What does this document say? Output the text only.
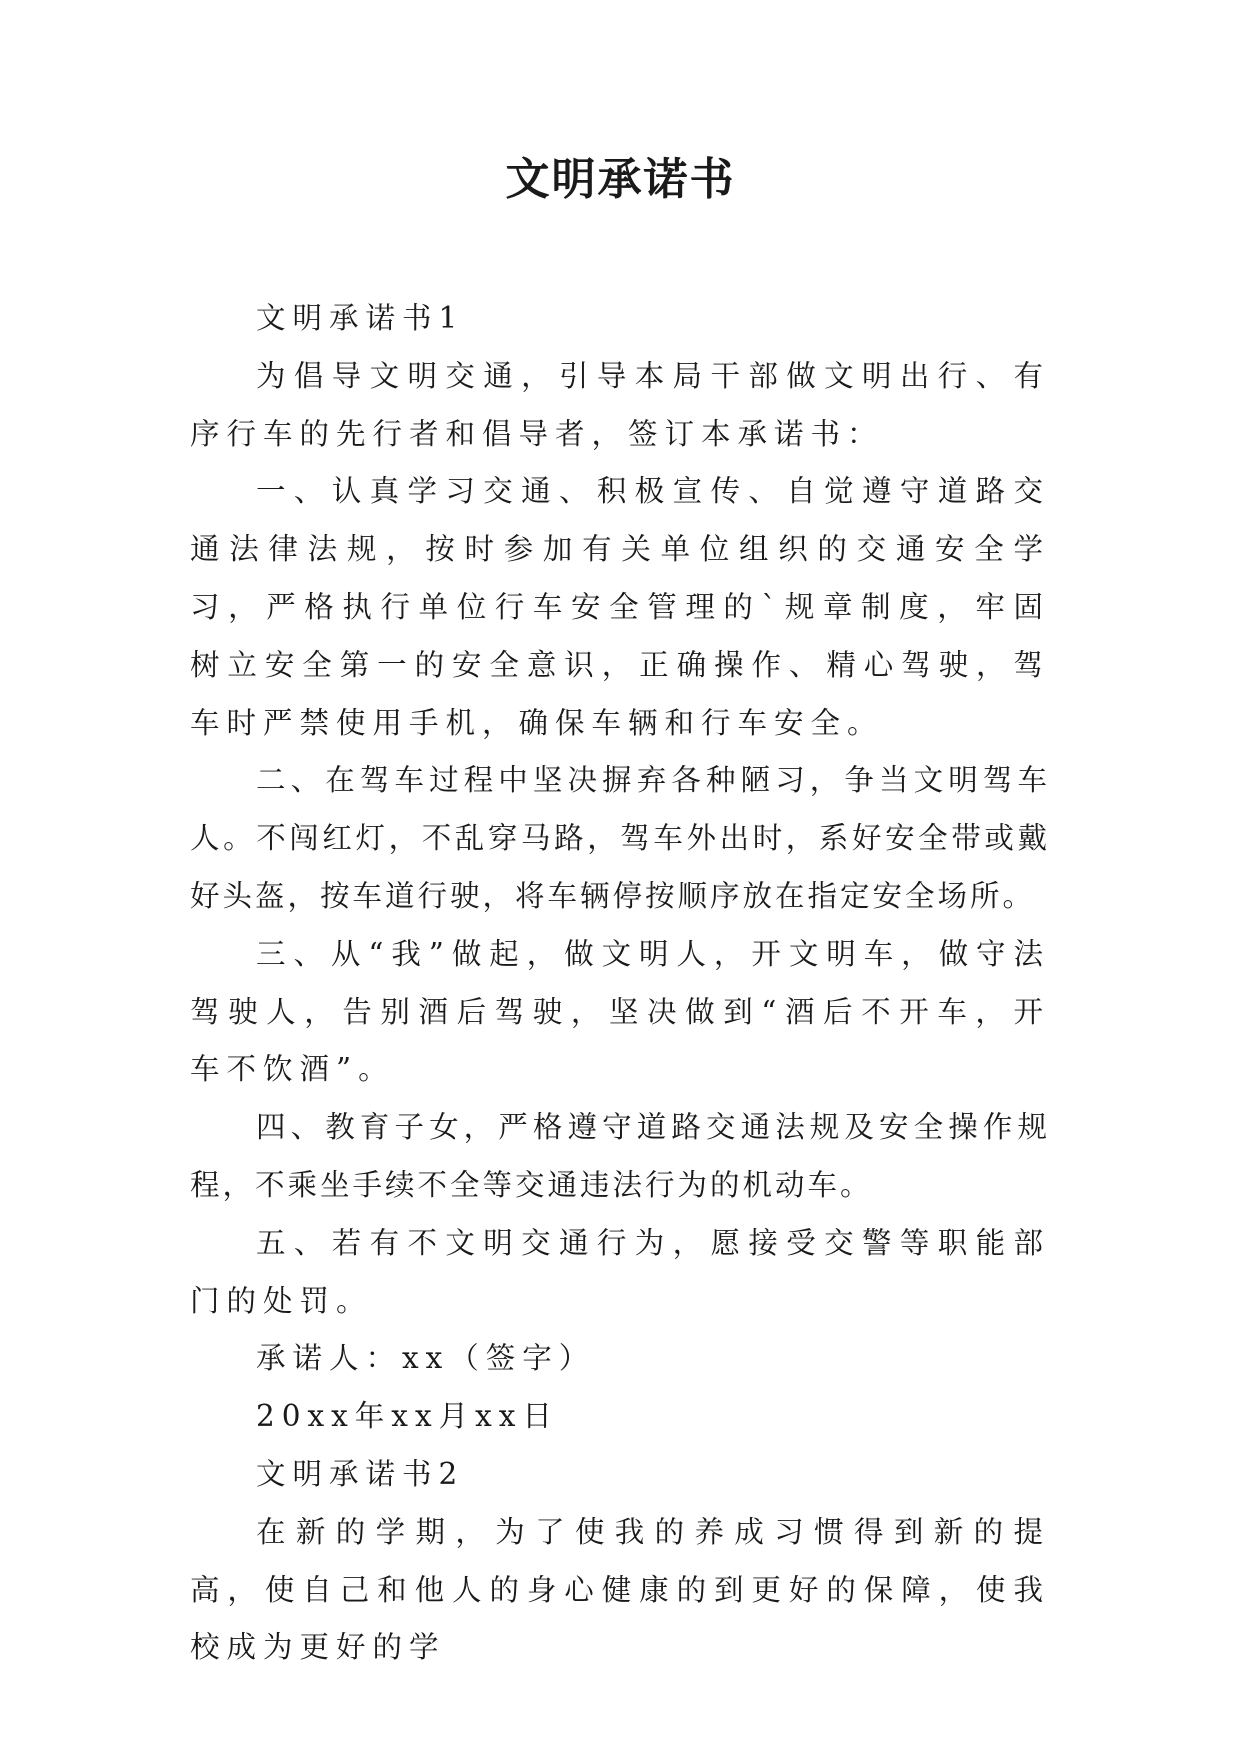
文明承诺书

文明承诺书1

为倡导文明交通，引导本局干部做文明出行、有序行车的先行者和倡导者，签订本承诺书：

一、认真学习交通、积极宣传、自觉遵守道路交通法律法规，按时参加有关单位组织的交通安全学习，严格执行单位行车安全管理的`规章制度，牢固树立安全第一的安全意识，正确操作、精心驾驶，驾车时严禁使用手机，确保车辆和行车安全。

二、在驾车过程中坚决摒弃各种陋习，争当文明驾车人。不闯红灯，不乱穿马路，驾车外出时，系好安全带或戴好头盔，按车道行驶，将车辆停按顺序放在指定安全场所。

三、从“我”做起，做文明人，开文明车，做守法驾驶人，告别酒后驾驶，坚决做到“酒后不开车，开车不饮酒”。

四、教育子女，严格遵守道路交通法规及安全操作规程，不乘坐手续不全等交通违法行为的机动车。

五、若有不文明交通行为，愿接受交警等职能部门的处罚。

承诺人：xx（签字）

20xx年xx月xx日

文明承诺书2

在新的学期，为了使我的养成习惯得到新的提高，使自己和他人的身心健康的到更好的保障，使我校成为更好的学
